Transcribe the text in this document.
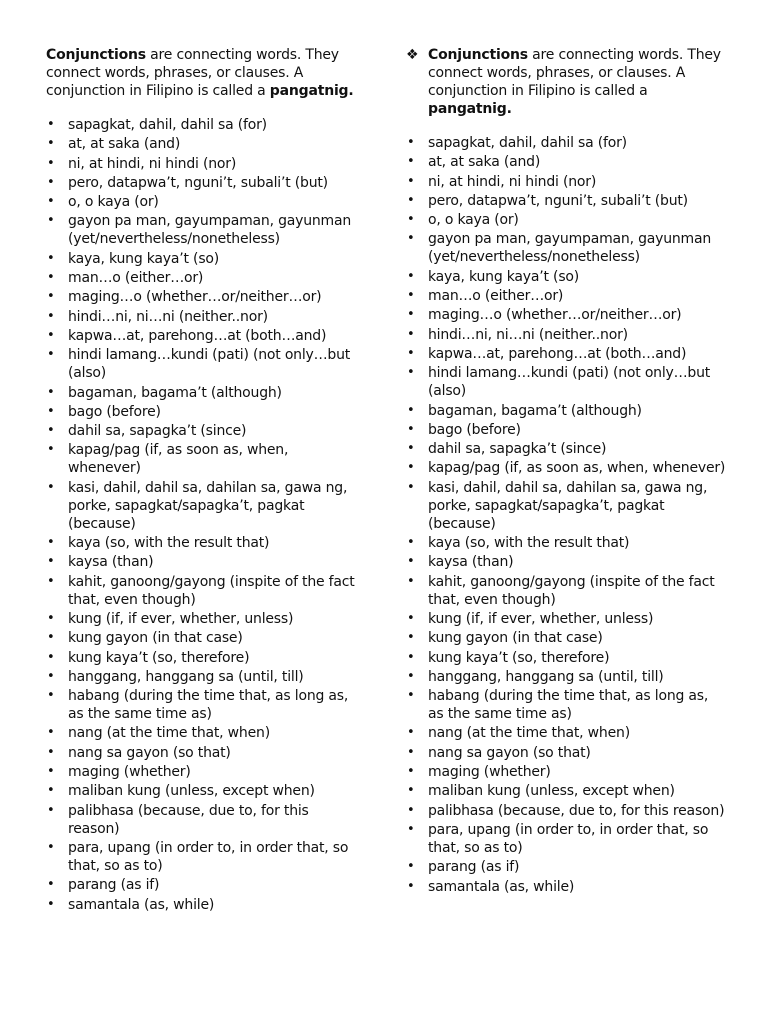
Conjunctions are connecting words. They connect words, phrases, or clauses. A conjunction in Filipino is called a pangatnig.

• sapagkat, dahil, dahil sa (for)
• at, at saka (and)
• ni, at hindi, ni hindi (nor)
• pero, datapwa’t, nguni’t, subali’t (but)
• o, o kaya (or)
• gayon pa man, gayumpaman, gayunman (yet/nevertheless/nonetheless)
• kaya, kung kaya’t (so)
• man…o (either…or)
• maging…o (whether…or/neither…or)
• hindi…ni, ni…ni (neither..nor)
• kapwa…at, parehong…at (both…and)
• hindi lamang…kundi (pati) (not only…but (also)
• bagaman, bagama’t (although)
• bago (before)
• dahil sa, sapagka’t (since)
• kapag/pag (if, as soon as, when, whenever)
• kasi, dahil, dahil sa, dahilan sa, gawa ng, porke, sapagkat/sapagka’t, pagkat (because)
• kaya (so, with the result that)
• kaysa (than)
• kahit, ganoong/gayong (inspite of the fact that, even though)
• kung (if, if ever, whether, unless)
• kung gayon (in that case)
• kung kaya’t (so, therefore)
• hanggang, hanggang sa (until, till)
• habang (during the time that, as long as, as the same time as)
• nang (at the time that, when)
• nang sa gayon (so that)
• maging (whether)
• maliban kung (unless, except when)
• palibhasa (because, due to, for this reason)
• para, upang (in order to, in order that, so that, so as to)
• parang (as if)
• samantala (as, while)

❖ Conjunctions are connecting words. They connect words, phrases, or clauses. A conjunction in Filipino is called a pangatnig.

• sapagkat, dahil, dahil sa (for)
• at, at saka (and)
• ni, at hindi, ni hindi (nor)
• pero, datapwa’t, nguni’t, subali’t (but)
• o, o kaya (or)
• gayon pa man, gayumpaman, gayunman (yet/nevertheless/nonetheless)
• kaya, kung kaya’t (so)
• man…o (either…or)
• maging…o (whether…or/neither…or)
• hindi…ni, ni…ni (neither..nor)
• kapwa…at, parehong…at (both…and)
• hindi lamang…kundi (pati) (not only…but (also)
• bagaman, bagama’t (although)
• bago (before)
• dahil sa, sapagka’t (since)
• kapag/pag (if, as soon as, when, whenever)
• kasi, dahil, dahil sa, dahilan sa, gawa ng, porke, sapagkat/sapagka’t, pagkat (because)
• kaya (so, with the result that)
• kaysa (than)
• kahit, ganoong/gayong (inspite of the fact that, even though)
• kung (if, if ever, whether, unless)
• kung gayon (in that case)
• kung kaya’t (so, therefore)
• hanggang, hanggang sa (until, till)
• habang (during the time that, as long as, as the same time as)
• nang (at the time that, when)
• nang sa gayon (so that)
• maging (whether)
• maliban kung (unless, except when)
• palibhasa (because, due to, for this reason)
• para, upang (in order to, in order that, so that, so as to)
• parang (as if)
• samantala (as, while)
